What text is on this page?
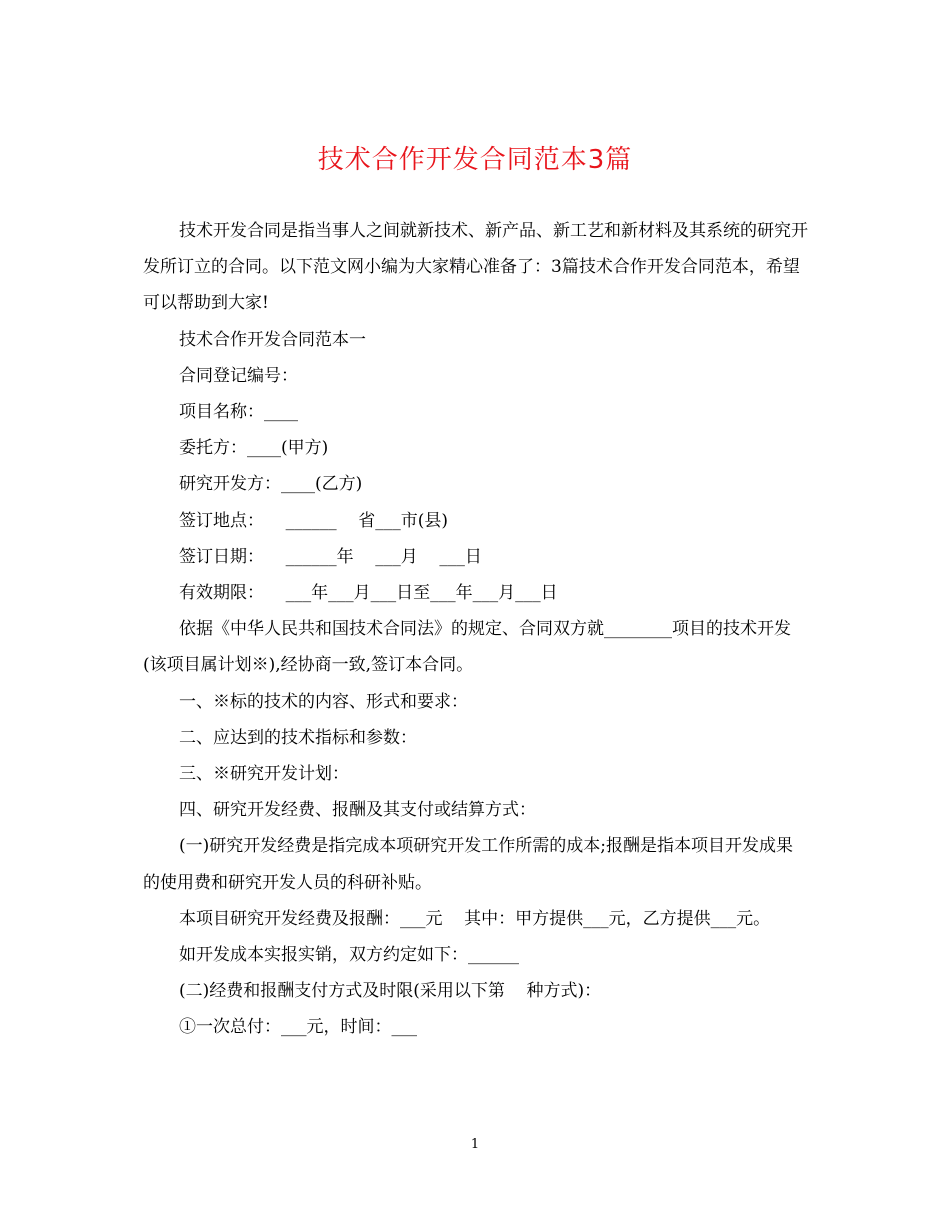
技术合作开发合同范本3篇

技术开发合同是指当事人之间就新技术、新产品、新工艺和新材料及其系统的研究开发所订立的合同。以下范文网小编为大家精心准备了：3篇技术合作开发合同范本，希望可以帮助到大家!

技术合作开发合同范本一

合同登记编号：

项目名称：____

委托方：____(甲方)

研究开发方：____(乙方)

签订地点：    ______    省___市(县)

签订日期：    ______年    ___月    ___日

有效期限：    ___年___月___日至___年___月___日

依据《中华人民共和国技术合同法》的规定、合同双方就________项目的技术开发(该项目属计划※),经协商一致,签订本合同。

一、※标的技术的内容、形式和要求：

二、应达到的技术指标和参数：

三、※研究开发计划：

四、研究开发经费、报酬及其支付或结算方式：

(一)研究开发经费是指完成本项研究开发工作所需的成本;报酬是指本项目开发成果的使用费和研究开发人员的科研补贴。

本项目研究开发经费及报酬：___元    其中：甲方提供___元，乙方提供___元。

如开发成本实报实销，双方约定如下：______

(二)经费和报酬支付方式及时限(采用以下第    种方式)：

①一次总付：___元，时间：___

1
